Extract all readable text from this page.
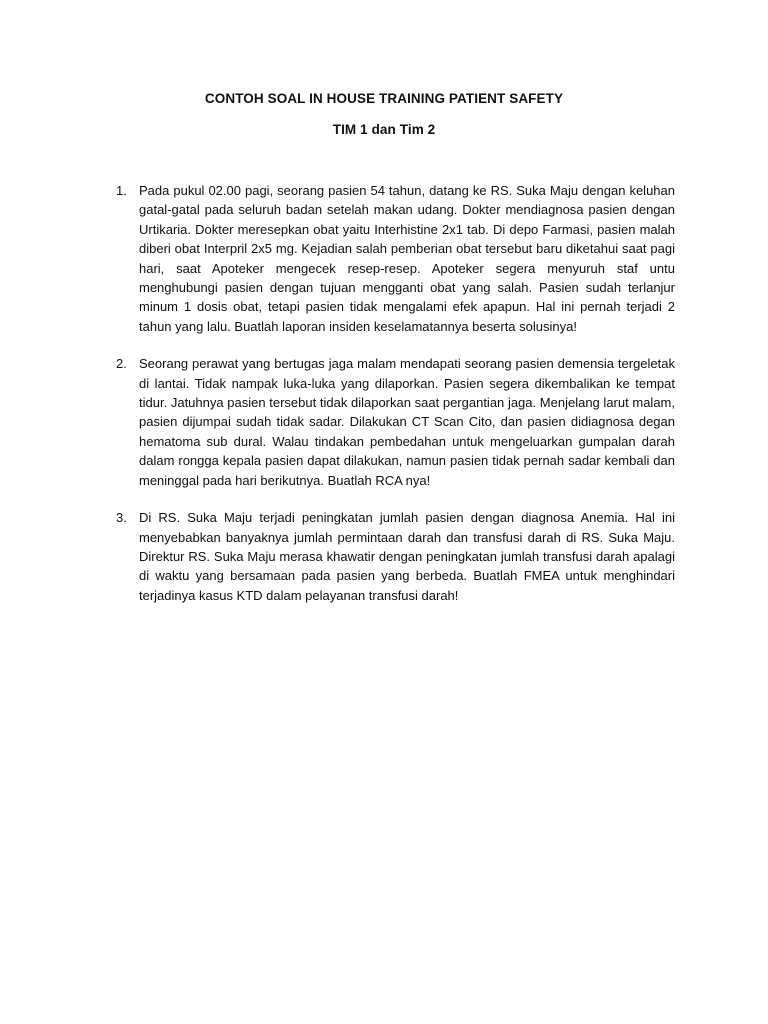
CONTOH SOAL IN HOUSE TRAINING PATIENT SAFETY
TIM 1 dan Tim 2
1. Pada pukul 02.00 pagi, seorang pasien 54 tahun, datang ke RS. Suka Maju dengan keluhan gatal-gatal pada seluruh badan setelah makan udang. Dokter mendiagnosa pasien dengan Urtikaria. Dokter meresepkan obat yaitu Interhistine 2x1 tab. Di depo Farmasi, pasien malah diberi obat Interpril 2x5 mg. Kejadian salah pemberian obat tersebut baru diketahui saat pagi hari, saat Apoteker mengecek resep-resep. Apoteker segera menyuruh staf untu menghubungi pasien dengan tujuan mengganti obat yang salah. Pasien sudah terlanjur minum 1 dosis obat, tetapi pasien tidak mengalami efek apapun. Hal ini pernah terjadi 2 tahun yang lalu. Buatlah laporan insiden keselamatannya beserta solusinya!

2. Seorang perawat yang bertugas jaga malam mendapati seorang pasien demensia tergeletak di lantai. Tidak nampak luka-luka yang dilaporkan. Pasien segera dikembalikan ke tempat tidur. Jatuhnya pasien tersebut tidak dilaporkan saat pergantian jaga. Menjelang larut malam, pasien dijumpai sudah tidak sadar. Dilakukan CT Scan Cito, dan pasien didiagnosa degan hematoma sub dural. Walau tindakan pembedahan untuk mengeluarkan gumpalan darah dalam rongga kepala pasien dapat dilakukan, namun pasien tidak pernah sadar kembali dan meninggal pada hari berikutnya. Buatlah RCA nya!

3. Di RS. Suka Maju terjadi peningkatan jumlah pasien dengan diagnosa Anemia. Hal ini menyebabkan banyaknya jumlah permintaan darah dan transfusi darah di RS. Suka Maju. Direktur RS. Suka Maju merasa khawatir dengan peningkatan jumlah transfusi darah apalagi di waktu yang bersamaan pada pasien yang berbeda. Buatlah FMEA untuk menghindari terjadinya kasus KTD dalam pelayanan transfusi darah!
